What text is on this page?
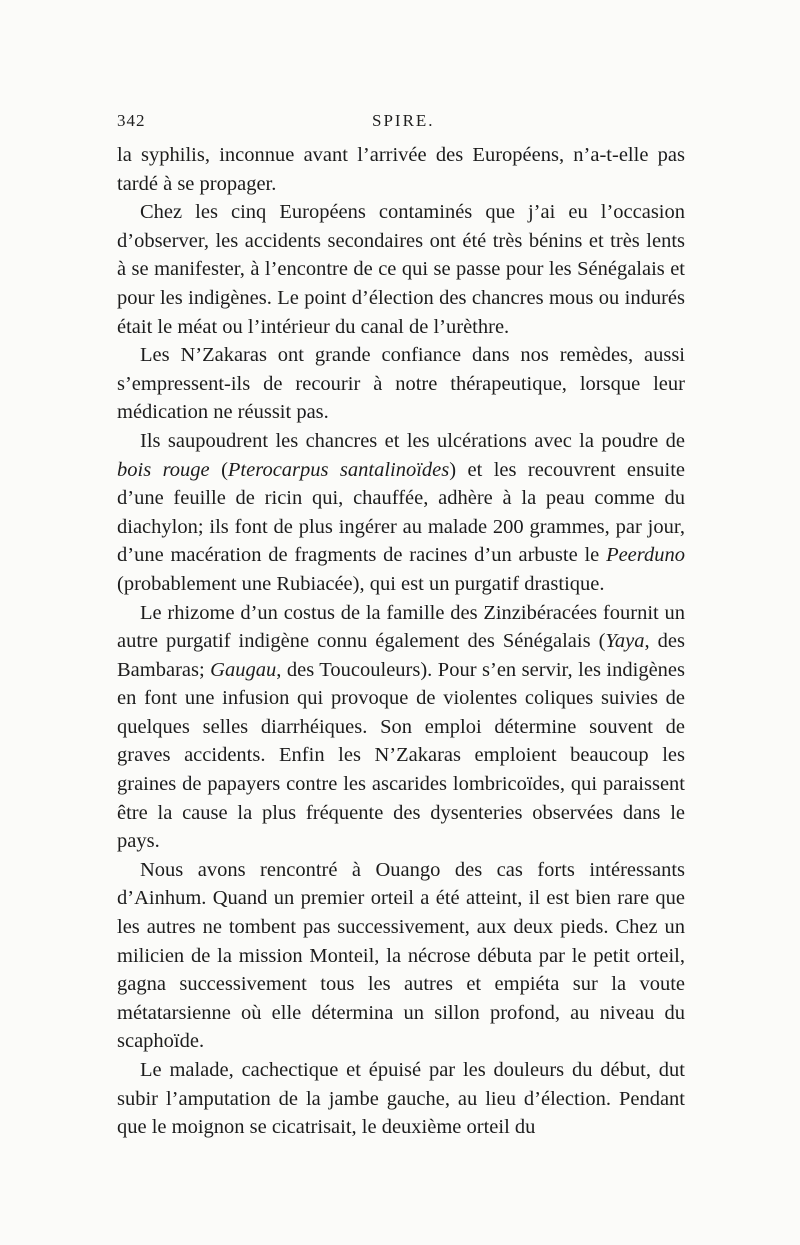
342	SPIRE.

la syphilis, inconnue avant l’arrivée des Européens, n’a-t-elle pas tardé à se propager.

Chez les cinq Européens contaminés que j’ai eu l’occasion d’observer, les accidents secondaires ont été très bénins et très lents à se manifester, à l’encontre de ce qui se passe pour les Sénégalais et pour les indigènes. Le point d’élection des chancres mous ou indurés était le méat ou l’intérieur du canal de l’urèthre.

Les N’Zakaras ont grande confiance dans nos remèdes, aussi s’empressent-ils de recourir à notre thérapeutique, lorsque leur médication ne réussit pas.

Ils saupoudrent les chancres et les ulcérations avec la poudre de bois rouge (Pterocarpus santalinoïdes) et les recouvrent ensuite d’une feuille de ricin qui, chauffée, adhère à la peau comme du diachylon; ils font de plus ingérer au malade 200 grammes, par jour, d’une macération de fragments de racines d’un arbuste le Peerduno (probablement une Rubiacée), qui est un purgatif drastique.

Le rhizome d’un costus de la famille des Zinzibéracées fournit un autre purgatif indigène connu également des Sénégalais (Yaya, des Bambaras; Gaugau, des Toucouleurs). Pour s’en servir, les indigènes en font une infusion qui provoque de violentes coliques suivies de quelques selles diarrhéiques. Son emploi détermine souvent de graves accidents. Enfin les N’Zakaras emploient beaucoup les graines de papayers contre les ascarides lombricoïdes, qui paraissent être la cause la plus fréquente des dysenteries observées dans le pays.

Nous avons rencontré à Ouango des cas forts intéressants d’Ainhum. Quand un premier orteil a été atteint, il est bien rare que les autres ne tombent pas successivement, aux deux pieds. Chez un milicien de la mission Monteil, la nécrose débuta par le petit orteil, gagna successivement tous les autres et empiéta sur la voute métatarsienne où elle détermina un sillon profond, au niveau du scaphoïde.

Le malade, cachectique et épuisé par les douleurs du début, dut subir l’amputation de la jambe gauche, au lieu d’élection. Pendant que le moignon se cicatrisait, le deuxième orteil du
